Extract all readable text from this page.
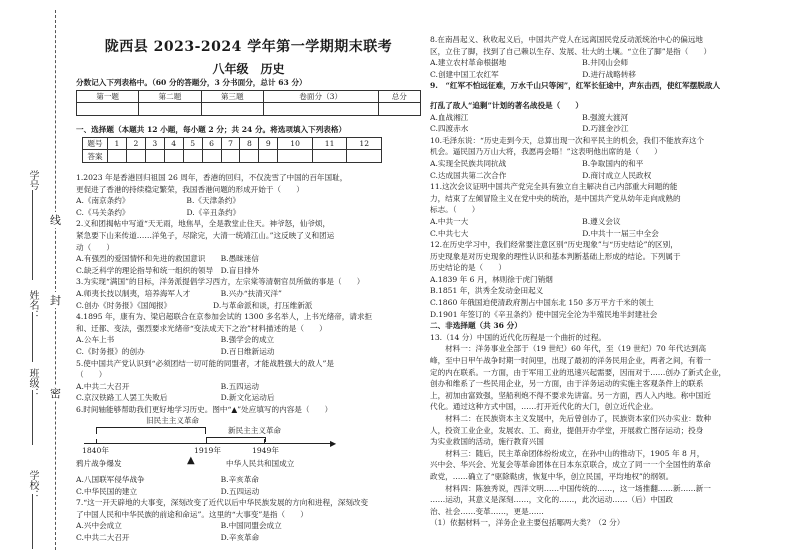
学号
姓名：
班级：
学校：
线
封
密
陇西县 2023-2024 学年第一学期期末联考
八年级　历史
分数记入下列表格中。（60 分的答题分，3 分书面分，总计 63 分）
第一题	第二题	第三题	卷面分（3）	总分

一、选择题（本题共 12 小题，每小题 2 分；共 24 分。将选项填入下列表格）
题号	1	2	3	4	5	6	7	8	9	10	11	12
答案												
1.2023 年是香港回归祖国 26 周年，香港的回归，不仅洗雪了中国的百年国耻，
更促进了香港的持续稳定繁荣，我国香港问题的形成开始于（　　）
A.《南京条约》　　　　　　　　B.《天津条约》
C.《马关条约》　　　　　　　　D.《辛丑条约》
2.义和团揭帖中写道“天无雨，地焦旱，全是教堂止住天。神爷怒，仙爷烦，
紧急要下山来传道……洋兔子，尽除完，大清一统靖江山。”这反映了义和团运
动（　　）
A.有强烈的爱国情怀和先进的救国意识　　B.愚昧迷信
C.缺乏科学的理论指导和统一组织的领导　D.盲目排外
3.为实现“满国”的目标，洋务派提倡学习西方，左宗棠等清朝官员所做的事是（　　）
A.师夷长技以制夷，培养海军人才　　　　B.兴办“扶清灭洋”
C.创办《时务报》《国闻报》　　　　　　D.与革命派和谈，打压维新派
4.1895 年，康有为、梁启超联合在京参加会试的 1300 多名举人，上书光绪帝，请求拒
和、迁都、变法，强烈要求光绪帝“变法成天下之治”材料描述的是（　　）
A.公车上书　　　　　　　　　　　　　　B.强学会的成立
C.《时务报》的创办　　　　　　　　　　D.百日维新运动
5.使中国共产党认识到“必须团结一切可能的同盟者，才能战胜强大的敌人”是
（　　）
A.中共二大召开　　　　　　　　　　　　B.五四运动
C.京汉铁路工人罢工失败后　　　　　　　D.新文化运动后
6.时间轴能够帮助我们更好地学习历史。图中“▲”处应填写的内容是（　　）
旧民主主义革命
新民主主义革命
▶
1840年	1919年	1949年
鸦片战争爆发	▲	中华人民共和国成立
A.八国联军侵华战争　　　　　　　　　　B.辛亥革命
C.中华民国的建立　　　　　　　　　　　D.五四运动
7.“这一开天辟地的大事变，深刻改变了近代以后中华民族发展的方向和进程，深刻改变
了中国人民和中华民族的前途和命运”。这里的“大事变”是指（　　）
A.兴中会成立　　　　　　　　　　　　　B.中国同盟会成立
C.中共二大召开　　　　　　　　　　　　D.辛亥革命
8.在南昌起义、秋收起义后，中国共产党人在远离国民党反动派统治中心的偏远地
区，立住了脚，找到了自己赖以生存、发展、壮大的土壤。“立住了脚”是指（　　）
A.建立农村革命根据地　　　　　　　　　　B.井冈山会师
C.创建中国工农红军　　　　　　　　　　　D.进行战略转移
9.　“红军不怕远征难，万水千山只等闲”，红军长征途中，声东击西，使红军摆脱敌人
打乱了敌人“追剿”计划的著名战役是（　　）
A.血战湘江　　　　　　　　　　　　　　　B.强渡大渡河
C.四渡赤水　　　　　　　　　　　　　　　D.巧渡金沙江
10.毛泽东说：“历史走到今天，总算出现一次和平民主的机会，我们不能放弃这个
机会。逼民国乃万山大将，我愿再会晤！”这表明他出席的是（　　）
A.实现全民族共同抗战　　　　　　　　　　B.争取国内的和平
C.达成国共第二次合作　　　　　　　　　　D.商讨成立人民政权
11.这次会议证明中国共产党完全具有独立自主解决自己内部重大问题的能
力，结束了左倾冒险主义在党中央的统治，是中国共产党从幼年走向成熟的
标志。（　　）
A.中共一大　　　　　　　　　　　　　　　B.遵义会议
C.中共七大　　　　　　　　　　　　　　　D.中共十一届三中全会
12.在历史学习中，我们经常要注意区别“历史现象”与“历史结论”的区别，
历史现象是对历史现象的理性认识和基本判断基础上形成的结论。下列属于
历史结论的是（　　）
A.1839 年 6 月，林则徐于虎门销烟
B.1851 年，洪秀全发动金田起义
C.1860 年俄国迫使清政府割占中国东北 150 多万平方千米的领土
D.1901 年签订的《辛丑条约》使中国完全沦为半殖民地半封建社会
二、非选择题（共 36 分）
13.（14 分）中国的近代化历程是一个曲折的过程。
　　材料一：洋务事业全部于（19 世纪）60 年代，至（19 世纪）70 年代达到高
峰，至中日甲午战争时期一时间里，出现了最初的洋务民用企业，两者之间，有着一
定的内在联系。一方面，由于军用工业的迅速兴起需要，因而对于……创办了新式企业，
创办和维系了一些民用企业，另一方面，由于洋务运动的实施主客观条件上的联系
上，初加由富致强，坚船利炮不得不要求先讲富。另一方面，西人入内地。称中国近
代化。通过这种方式中国，……打开近代化的大门，创立近代企业。
　　材料二：在民族资本主义发展中，先后曾创办了，民族资本家们兴办实业：数种
人，投资工业企业，发展农、工、商业，提倡开办学堂，开展救亡图存运动；投身
为实业救国的活动，施行教育兴国
　　材料三：随后，民主革命团体纷纷成立，在孙中山的推动下，1905 年 8 月，
兴中会、华兴会、光复会等革命团体在日本东京联合，成立了同一一个全国性的革命
政党，……确立了“驱除鞑虏，恢复中华，创立民国，平均地权”的纲领。
　　材料四：陈独秀说，西洋文明……中国传统的……，这一场推翻……新……新一
……运动，其意义是深刻……，文化的……，此次运动……（后）中国政
治、社会……变革……，更是……
（1）依据材料一，洋务企业主要包括哪两大类？（2 分）
